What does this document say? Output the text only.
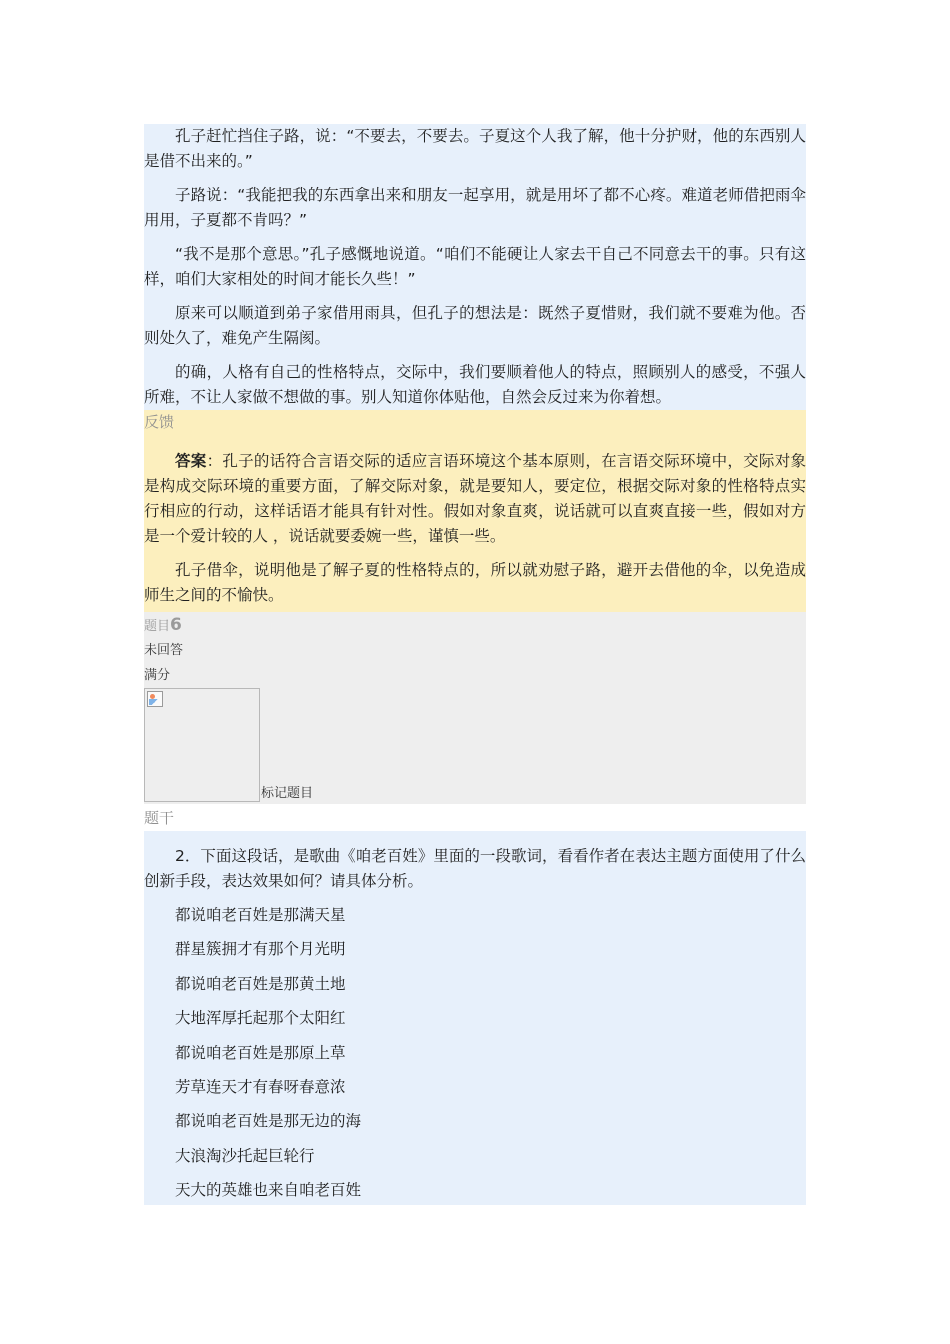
孔子赶忙挡住子路，说：“不要去，不要去。子夏这个人我了解，他十分护财，他的东西别人是借不出来的。”

子路说：“我能把我的东西拿出来和朋友一起享用，就是用坏了都不心疼。难道老师借把雨伞用用，子夏都不肯吗？”

“我不是那个意思。”孔子感慨地说道。“咱们不能硬让人家去干自己不同意去干的事。只有这样，咱们大家相处的时间才能长久些！”

原来可以顺道到弟子家借用雨具，但孔子的想法是：既然子夏惜财，我们就不要难为他。否则处久了，难免产生隔阂。

的确，人格有自己的性格特点，交际中，我们要顺着他人的特点，照顾别人的感受，不强人所难，不让人家做不想做的事。别人知道你体贴他，自然会反过来为你着想。

反馈

答案：孔子的话符合言语交际的适应言语环境这个基本原则，在言语交际环境中，交际对象是构成交际环境的重要方面，了解交际对象，就是要知人，要定位，根据交际对象的性格特点实行相应的行动，这样话语才能具有针对性。假如对象直爽，说话就可以直爽直接一些，假如对方是一个爱计较的人 ，说话就要委婉一些，谨慎一些。

孔子借伞，说明他是了解子夏的性格特点的，所以就劝慰子路，避开去借他的伞，以免造成师生之间的不愉快。

题目6
未回答
满分
标记题目
题干

2．下面这段话，是歌曲《咱老百姓》里面的一段歌词，看看作者在表达主题方面使用了什么创新手段，表达效果如何？请具体分析。

都说咱老百姓是那满天星

群星簇拥才有那个月光明

都说咱老百姓是那黄土地

大地浑厚托起那个太阳红

都说咱老百姓是那原上草

芳草连天才有春呀春意浓

都说咱老百姓是那无边的海

大浪淘沙托起巨轮行

天大的英雄也来自咱老百姓
